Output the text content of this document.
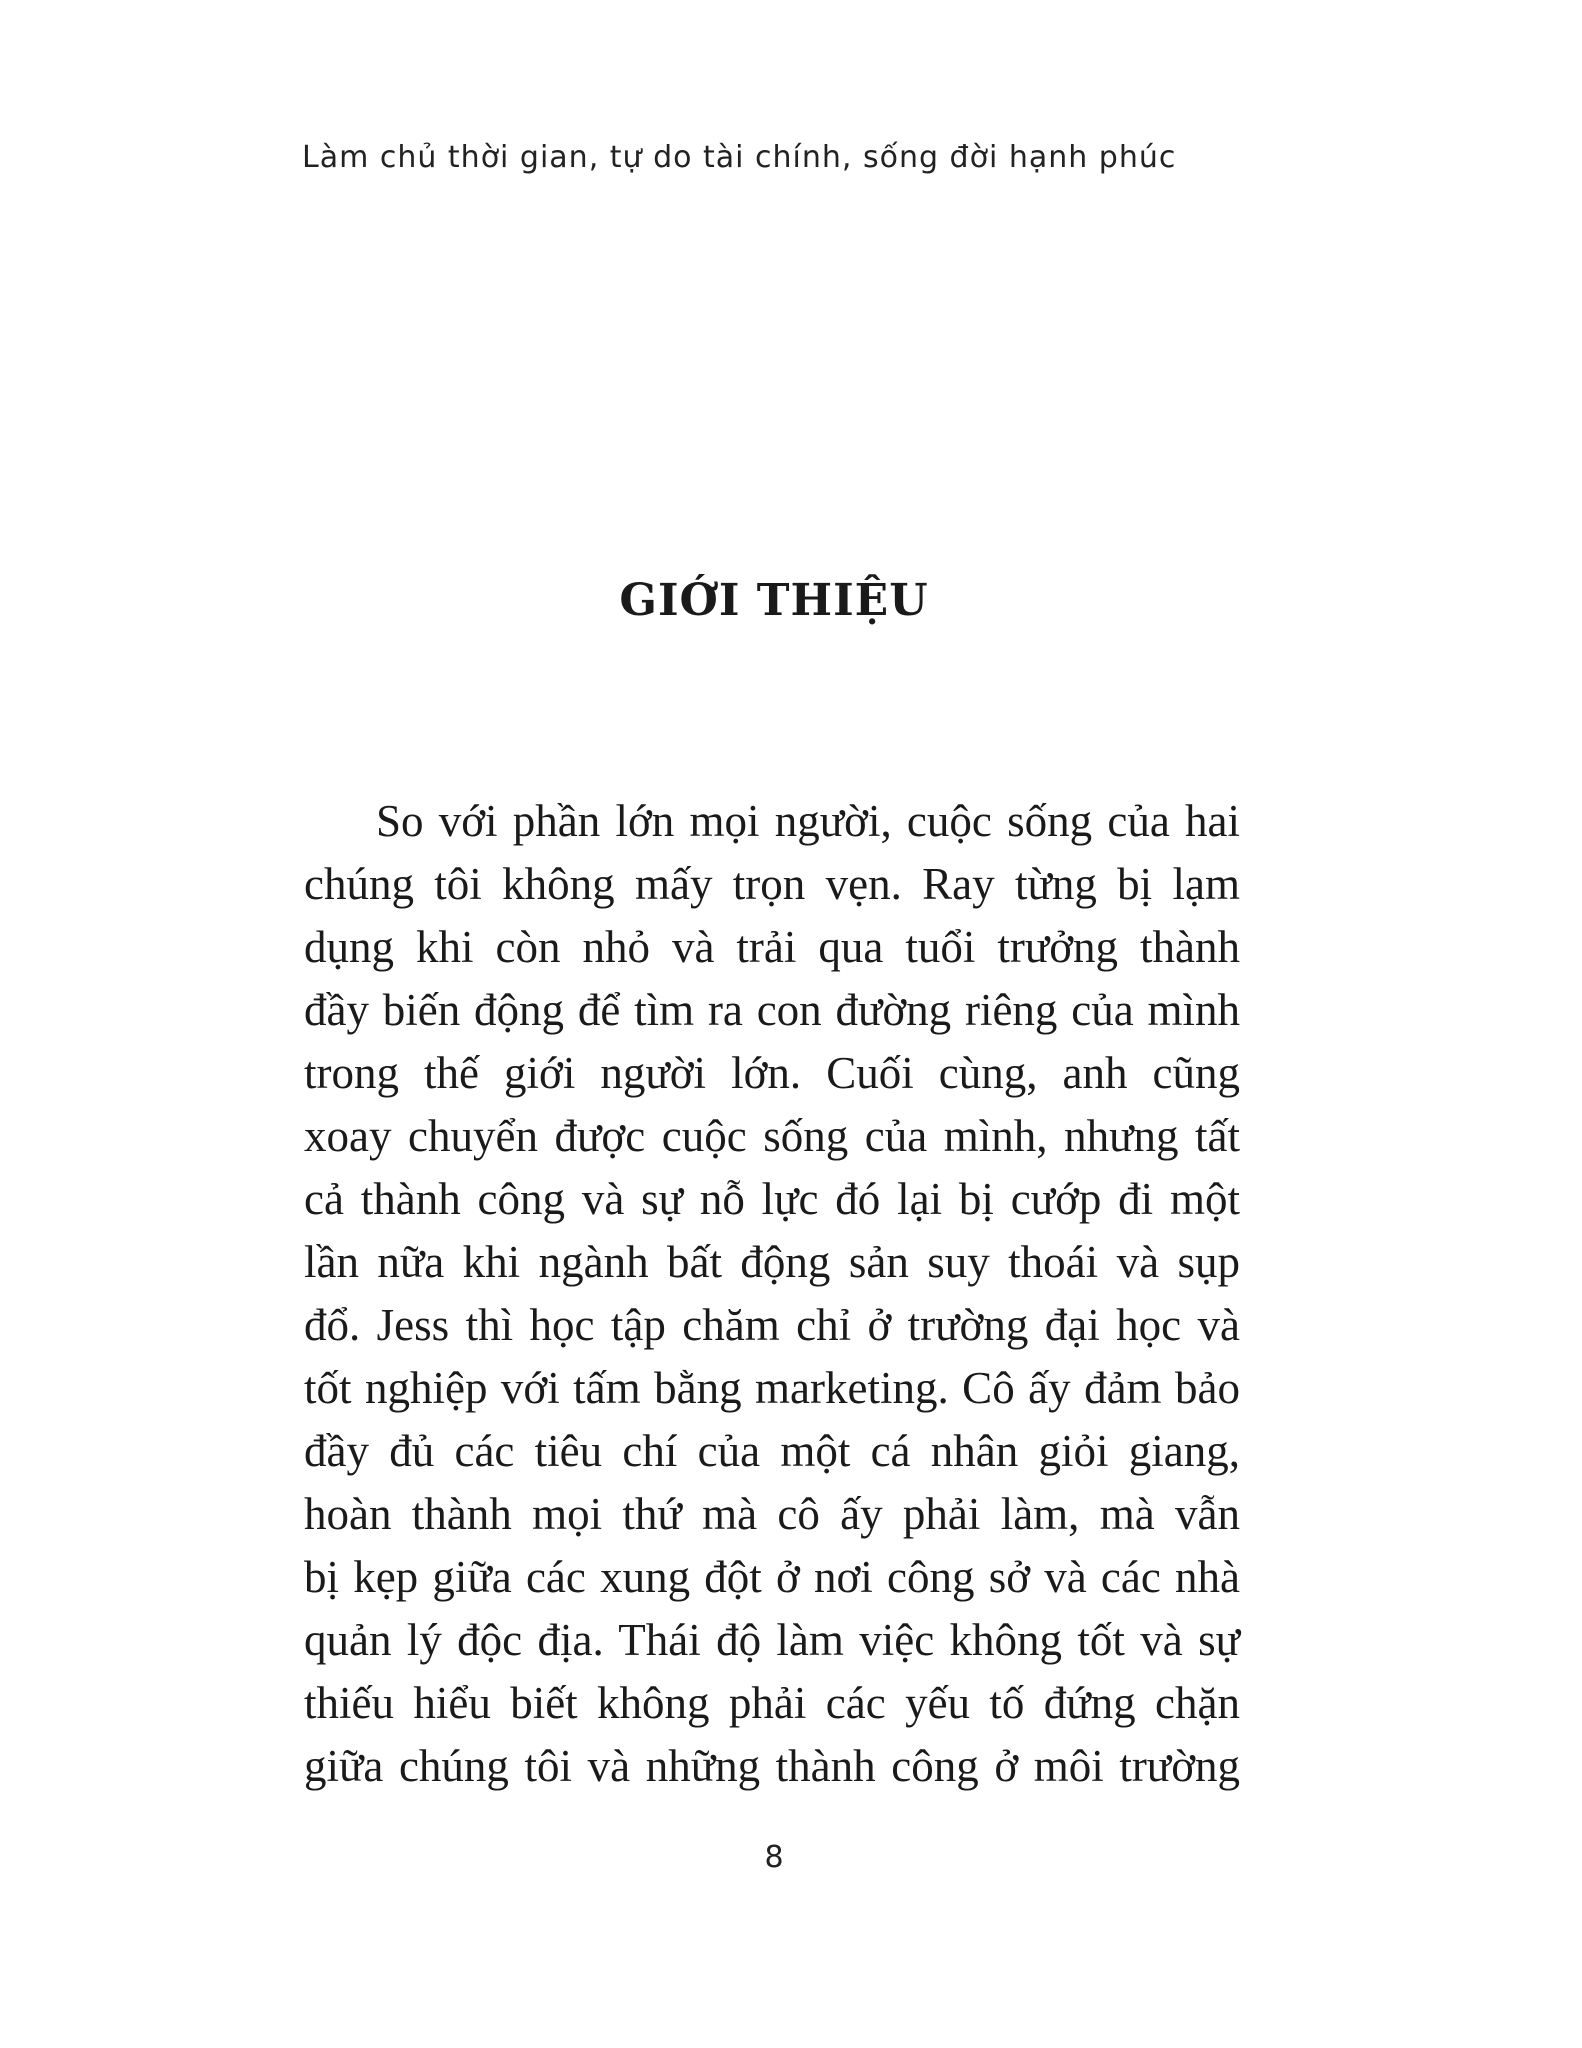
Làm chủ thời gian, tự do tài chính, sống đời hạnh phúc
GIỚI THIỆU
So với phần lớn mọi người, cuộc sống của hai
chúng tôi không mấy trọn vẹn. Ray từng bị lạm
dụng khi còn nhỏ và trải qua tuổi trưởng thành
đầy biến động để tìm ra con đường riêng của mình
trong thế giới người lớn. Cuối cùng, anh cũng
xoay chuyển được cuộc sống của mình, nhưng tất
cả thành công và sự nỗ lực đó lại bị cướp đi một
lần nữa khi ngành bất động sản suy thoái và sụp
đổ. Jess thì học tập chăm chỉ ở trường đại học và
tốt nghiệp với tấm bằng marketing. Cô ấy đảm bảo
đầy đủ các tiêu chí của một cá nhân giỏi giang,
hoàn thành mọi thứ mà cô ấy phải làm, mà vẫn
bị kẹp giữa các xung đột ở nơi công sở và các nhà
quản lý độc địa. Thái độ làm việc không tốt và sự
thiếu hiểu biết không phải các yếu tố đứng chặn
giữa chúng tôi và những thành công ở môi trường
8
